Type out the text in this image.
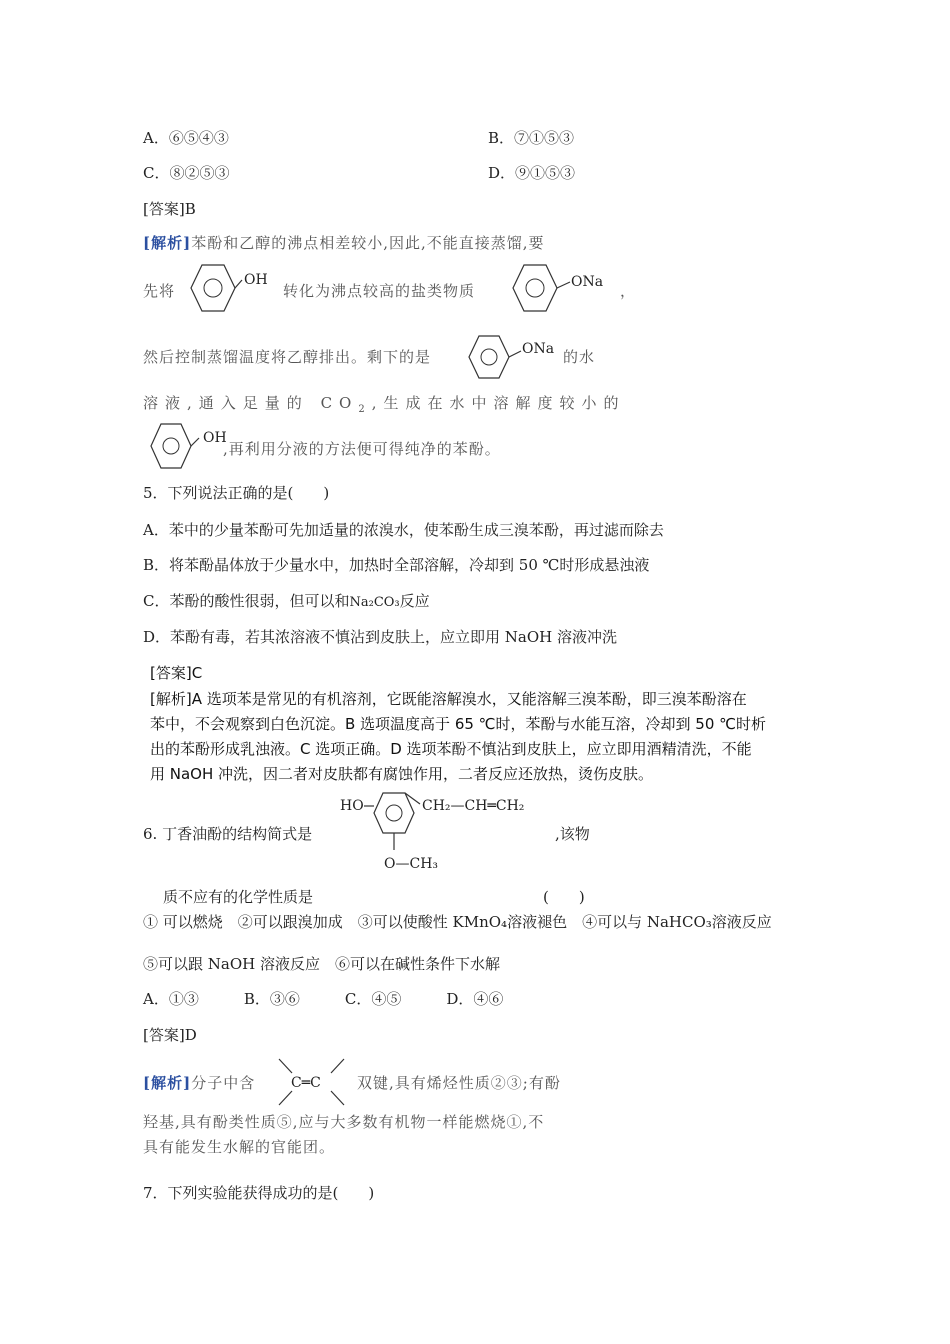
A．⑥⑤④③	B．⑦①⑤③
C．⑧②⑤③	D．⑨①⑤③
[答案]B
[解析]苯酚和乙醇的沸点相差较小,因此,不能直接蒸馏,要
先将
OH
转化为沸点较高的盐类物质	ONa ，
然后控制蒸馏温度将乙醇排出。剩下的是	ONa 的水
溶液,通入足量的 $CO_2$,生成在水中溶解度较小的
OH
,再利用分液的方法便可得纯净的苯酚。
5．下列说法正确的是(　　)
A．苯中的少量苯酚可先加适量的浓溴水，使苯酚生成三溴苯酚，再过滤而除去
B．将苯酚晶体放于少量水中，加热时全部溶解，冷却到 50 ℃时形成悬浊液
C．苯酚的酸性很弱，但可以和Na₂CO₃反应
D．苯酚有毒，若其浓溶液不慎沾到皮肤上，应立即用 NaOH 溶液冲洗
[答案]C
[解析]A 选项苯是常见的有机溶剂，它既能溶解溴水，又能溶解三溴苯酚，即三溴苯酚溶在
苯中，不会观察到白色沉淀。B 选项温度高于 65 ℃时，苯酚与水能互溶，冷却到 50 ℃时析
出的苯酚形成乳浊液。C 选项正确。D 选项苯酚不慎沾到皮肤上，应立即用酒精清洗，不能
用 NaOH 冲洗，因二者对皮肤都有腐蚀作用，二者反应还放热，烫伤皮肤。
6. 丁香油酚的结构简式是
HO	CH₂—CH═CH₂
O—CH₃
,该物
质不应有的化学性质是	(　　)
① 可以燃烧　②可以跟溴加成　③可以使酸性 KMnO₄溶液褪色　④可以与 NaHCO₃溶液反应
⑤可以跟 NaOH 溶液反应　⑥可以在碱性条件下水解
A．①③　　　B．③⑥　　　C．④⑤　　　D．④⑥
[答案]D
[解析]分子中含	C═C 双键,具有烯烃性质②③;有酚
羟基,具有酚类性质⑤,应与大多数有机物一样能燃烧①,不
具有能发生水解的官能团。
7．下列实验能获得成功的是(　　)
